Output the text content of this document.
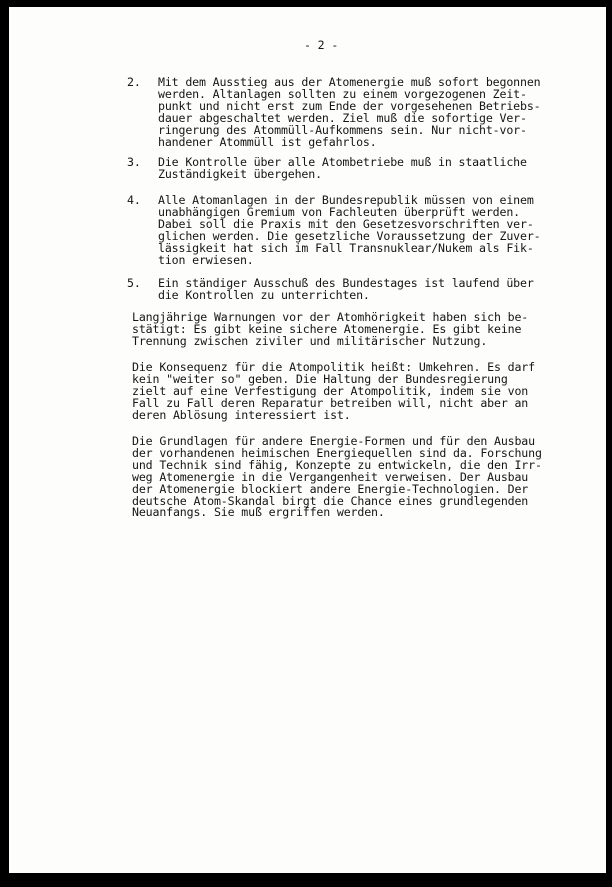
- 2 -

2.

Mit dem Ausstieg aus der Atomenergie muß sofort begonnen
werden. Altanlagen sollten zu einem vorgezogenen Zeit-
punkt und nicht erst zum Ende der vorgesehenen Betriebs-
dauer abgeschaltet werden. Ziel muß die sofortige Ver-
ringerung des Atommüll-Aufkommens sein. Nur nicht-vor-
handener Atommüll ist gefahrlos.

3.

Die Kontrolle über alle Atombetriebe muß in staatliche
Zuständigkeit übergehen.

4.

Alle Atomanlagen in der Bundesrepublik müssen von einem
unabhängigen Gremium von Fachleuten überprüft werden.
Dabei soll die Praxis mit den Gesetzesvorschriften ver-
glichen werden. Die gesetzliche Voraussetzung der Zuver-
lässigkeit hat sich im Fall Transnuklear/Nukem als Fik-
tion erwiesen.

5.

Ein ständiger Ausschuß des Bundestages ist laufend über
die Kontrollen zu unterrichten.

Langjährige Warnungen vor der Atomhörigkeit haben sich be-
stätigt: Es gibt keine sichere Atomenergie. Es gibt keine
Trennung zwischen ziviler und militärischer Nutzung.
Die Konsequenz für die Atompolitik heißt: Umkehren. Es darf
kein "weiter so" geben. Die Haltung der Bundesregierung
zielt auf eine Verfestigung der Atompolitik, indem sie von
Fall zu Fall deren Reparatur betreiben will, nicht aber an
deren Ablösung interessiert ist.
Die Grundlagen für andere Energie-Formen und für den Ausbau
der vorhandenen heimischen Energiequellen sind da. Forschung
und Technik sind fähig, Konzepte zu entwickeln, die den Irr-
weg Atomenergie in die Vergangenheit verweisen. Der Ausbau
der Atomenergie blockiert andere Energie-Technologien. Der
deutsche Atom-Skandal birgt die Chance eines grundlegenden
Neuanfangs. Sie muß ergriffen werden.
